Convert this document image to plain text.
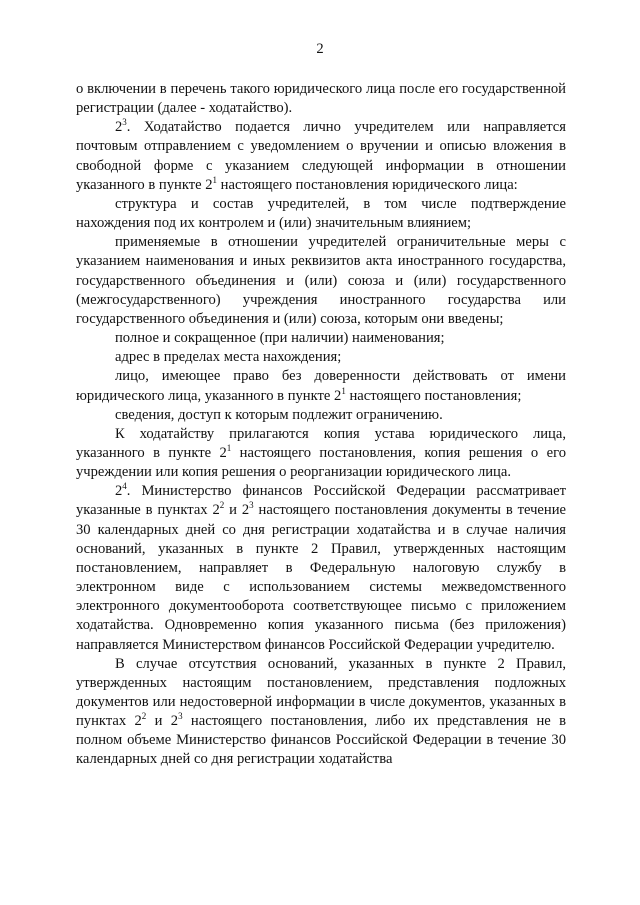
2

о включении в перечень такого юридического лица после его государственной регистрации (далее - ходатайство).

$2^3$. Ходатайство подается лично учредителем или направляется почтовым отправлением с уведомлением о вручении и описью вложения в свободной форме с указанием следующей информации в отношении указанного в пункте $2^1$ настоящего постановления юридического лица:

структура и состав учредителей, в том числе подтверждение нахождения под их контролем и (или) значительным влиянием;

применяемые в отношении учредителей ограничительные меры с указанием наименования и иных реквизитов акта иностранного государства, государственного объединения и (или) союза и (или) государственного (межгосударственного) учреждения иностранного государства или государственного объединения и (или) союза, которым они введены;

полное и сокращенное (при наличии) наименования;

адрес в пределах места нахождения;

лицо, имеющее право без доверенности действовать от имени юридического лица, указанного в пункте $2^1$ настоящего постановления;

сведения, доступ к которым подлежит ограничению.

К ходатайству прилагаются копия устава юридического лица, указанного в пункте $2^1$ настоящего постановления, копия решения о его учреждении или копия решения о реорганизации юридического лица.

$2^4$. Министерство финансов Российской Федерации рассматривает указанные в пунктах $2^2$ и $2^3$ настоящего постановления документы в течение 30 календарных дней со дня регистрации ходатайства и в случае наличия оснований, указанных в пункте 2 Правил, утвержденных настоящим постановлением, направляет в Федеральную налоговую службу в электронном виде с использованием системы межведомственного электронного документооборота соответствующее письмо с приложением ходатайства. Одновременно копия указанного письма (без приложения) направляется Министерством финансов Российской Федерации учредителю.

В случае отсутствия оснований, указанных в пункте 2 Правил, утвержденных настоящим постановлением, представления подложных документов или недостоверной информации в числе документов, указанных в пунктах $2^2$ и $2^3$ настоящего постановления, либо их представления не в полном объеме Министерство финансов Российской Федерации в течение 30 календарных дней со дня регистрации ходатайства
